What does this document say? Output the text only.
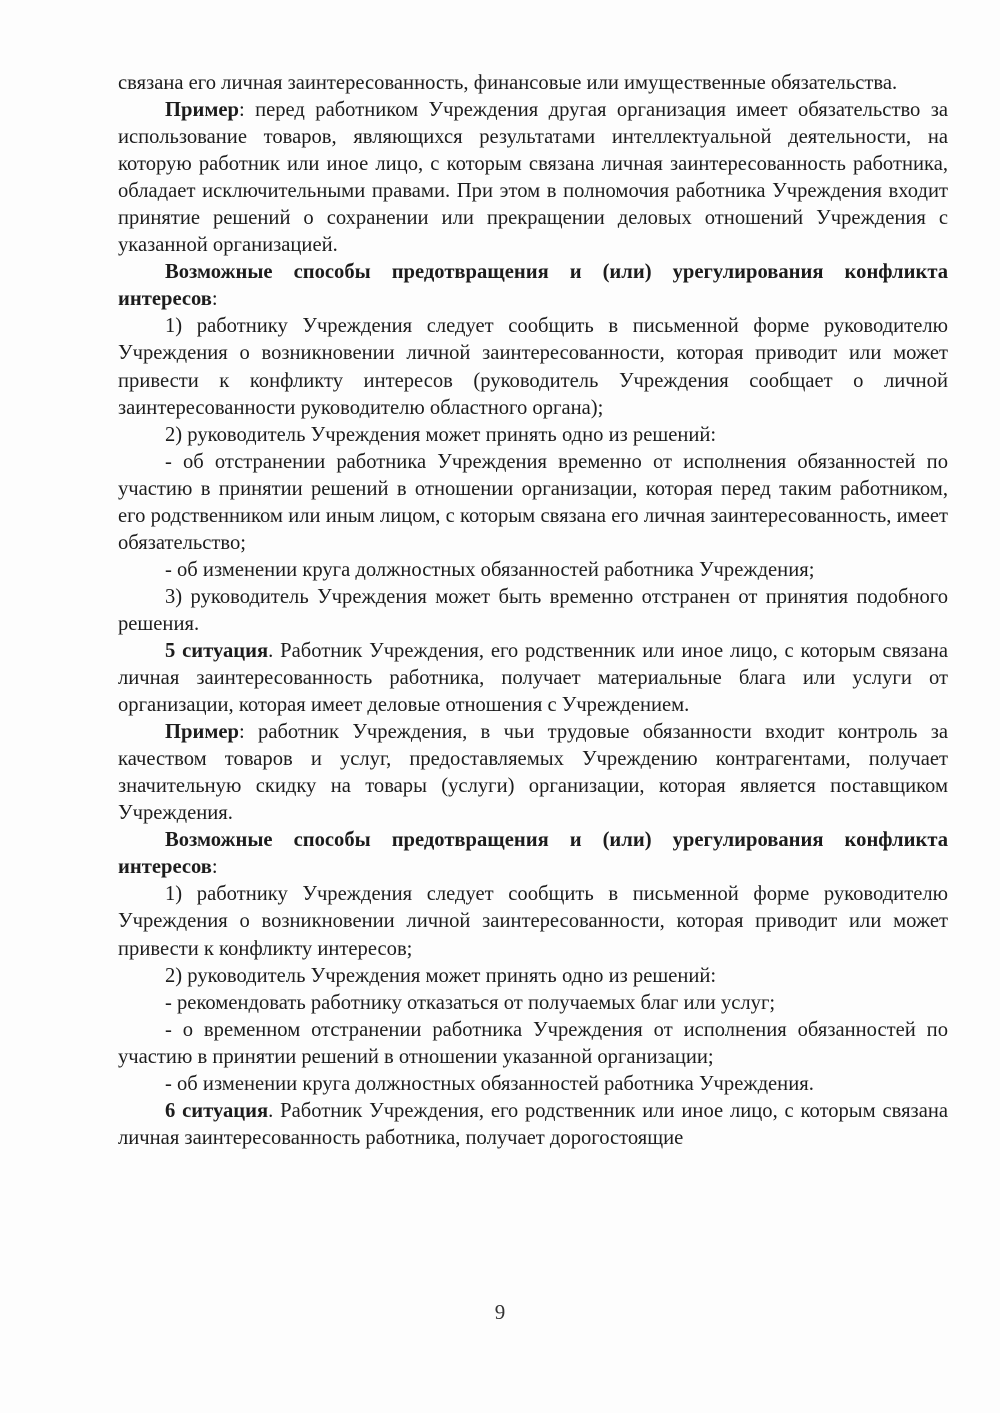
связана его личная заинтересованность, финансовые или имущественные обязательства.

Пример: перед работником Учреждения другая организация имеет обязательство за использование товаров, являющихся результатами интеллектуальной деятельности, на которую работник или иное лицо, с которым связана личная заинтересованность работника, обладает исключительными правами. При этом в полномочия работника Учреждения входит принятие решений о сохранении или прекращении деловых отношений Учреждения с указанной организацией.

Возможные способы предотвращения и (или) урегулирования конфликта интересов:

1) работнику Учреждения следует сообщить в письменной форме руководителю Учреждения о возникновении личной заинтересованности, которая приводит или может привести к конфликту интересов (руководитель Учреждения сообщает о личной заинтересованности руководителю областного органа);

2) руководитель Учреждения может принять одно из решений:

- об отстранении работника Учреждения временно от исполнения обязанностей по участию в принятии решений в отношении организации, которая перед таким работником, его родственником или иным лицом, с которым связана его личная заинтересованность, имеет обязательство;

- об изменении круга должностных обязанностей работника Учреждения;

3) руководитель Учреждения может быть временно отстранен от принятия подобного решения.

5 ситуация. Работник Учреждения, его родственник или иное лицо, с которым связана личная заинтересованность работника, получает материальные блага или услуги от организации, которая имеет деловые отношения с Учреждением.

Пример: работник Учреждения, в чьи трудовые обязанности входит контроль за качеством товаров и услуг, предоставляемых Учреждению контрагентами, получает значительную скидку на товары (услуги) организации, которая является поставщиком Учреждения.

Возможные способы предотвращения и (или) урегулирования конфликта интересов:

1) работнику Учреждения следует сообщить в письменной форме руководителю Учреждения о возникновении личной заинтересованности, которая приводит или может привести к конфликту интересов;

2) руководитель Учреждения может принять одно из решений:

- рекомендовать работнику отказаться от получаемых благ или услуг;

- о временном отстранении работника Учреждения от исполнения обязанностей по участию в принятии решений в отношении указанной организации;

- об изменении круга должностных обязанностей работника Учреждения.

6 ситуация. Работник Учреждения, его родственник или иное лицо, с которым связана личная заинтересованность работника, получает дорогостоящие

9
